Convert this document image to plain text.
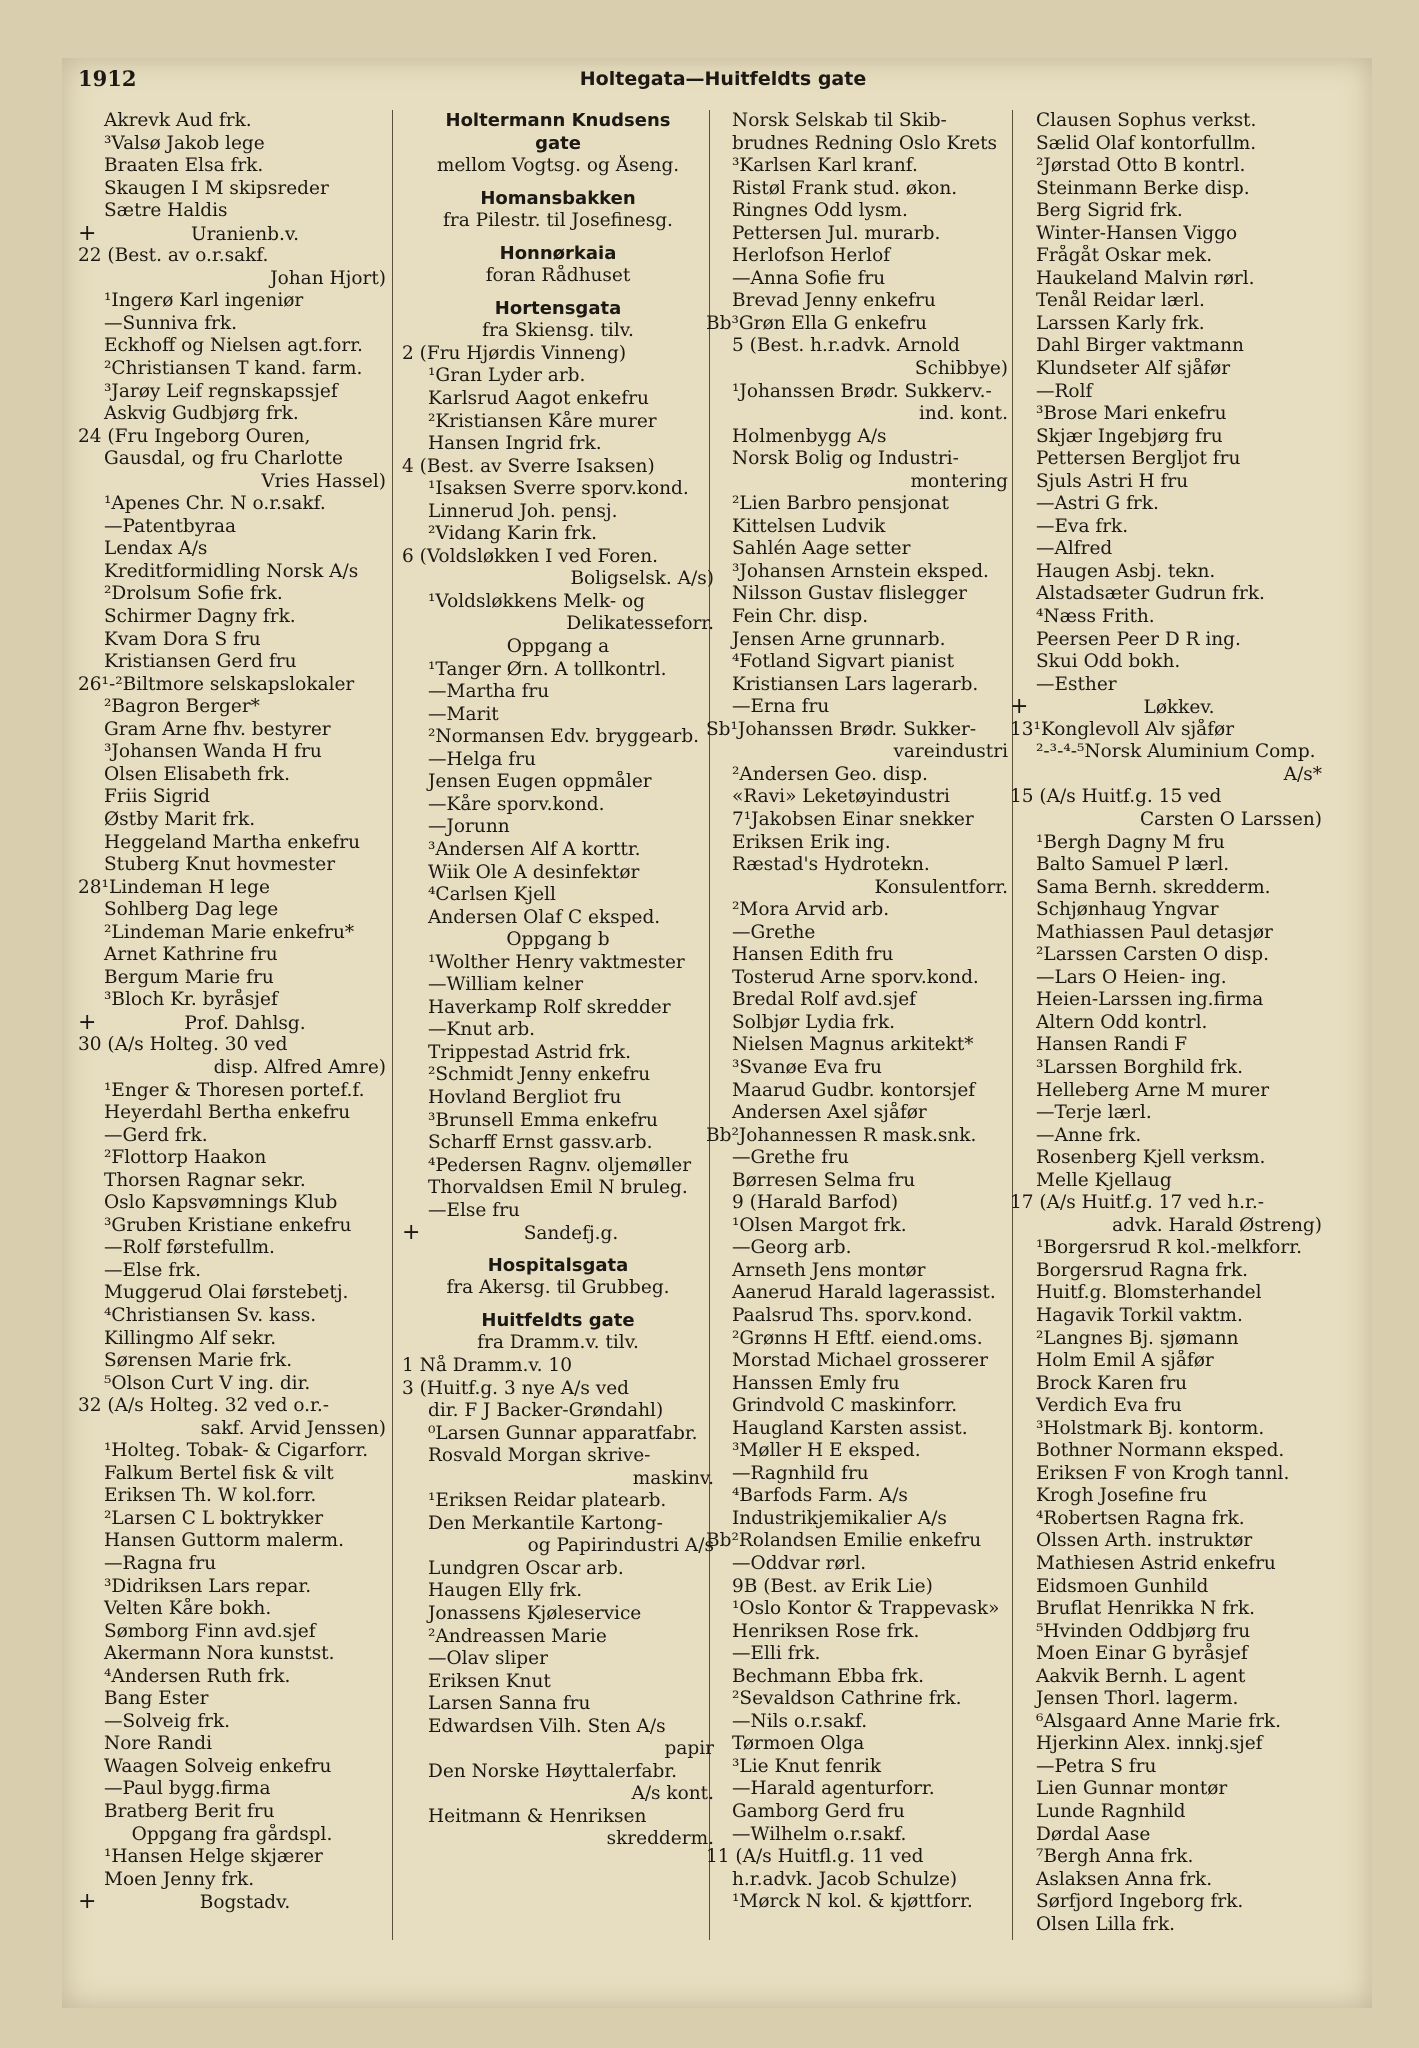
1912	Holtegata—Huitfeldts gate
Akrevk Aud frk.
³Valsø Jakob lege
Braaten Elsa frk.
Skaugen I M skipsreder
Sætre Haldis
+	Uranienb.v.
22 (Best. av o.r.sakf.
Johan Hjort)
¹Ingerø Karl ingeniør
—Sunniva frk.
Eckhoff og Nielsen agt.forr.
²Christiansen T kand. farm.
³Jarøy Leif regnskapssjef
Askvig Gudbjørg frk.
24 (Fru Ingeborg Ouren,
Gausdal, og fru Charlotte
Vries Hassel)
¹Apenes Chr. N o.r.sakf.
—Patentbyraa
Lendax A/s
Kreditformidling Norsk A/s
²Drolsum Sofie frk.
Schirmer Dagny frk.
Kvam Dora S fru
Kristiansen Gerd fru
26¹-²Biltmore selskapslokaler
²Bagron Berger*
Gram Arne fhv. bestyrer
³Johansen Wanda H fru
Olsen Elisabeth frk.
Friis Sigrid
Østby Marit frk.
Heggeland Martha enkefru
Stuberg Knut hovmester
28¹Lindeman H lege
Sohlberg Dag lege
²Lindeman Marie enkefru*
Arnet Kathrine fru
Bergum Marie fru
³Bloch Kr. byråsjef
+	Prof. Dahlsg.
30 (A/s Holteg. 30 ved
disp. Alfred Amre)
¹Enger & Thoresen portef.f.
Heyerdahl Bertha enkefru
—Gerd frk.
²Flottorp Haakon
Thorsen Ragnar sekr.
Oslo Kapsvømnings Klub
³Gruben Kristiane enkefru
—Rolf førstefullm.
—Else frk.
Muggerud Olai førstebetj.
⁴Christiansen Sv. kass.
Killingmo Alf sekr.
Sørensen Marie frk.
⁵Olson Curt V ing. dir.
32 (A/s Holteg. 32 ved o.r.-
sakf. Arvid Jenssen)
¹Holteg. Tobak- & Cigarforr.
Falkum Bertel fisk & vilt
Eriksen Th. W kol.forr.
²Larsen C L boktrykker
Hansen Guttorm malerm.
—Ragna fru
³Didriksen Lars repar.
Velten Kåre bokh.
Sømborg Finn avd.sjef
Akermann Nora kunstst.
⁴Andersen Ruth frk.
Bang Ester
—Solveig frk.
Nore Randi
Waagen Solveig enkefru
—Paul bygg.firma
Bratberg Berit fru
Oppgang fra gårdspl.
¹Hansen Helge skjærer
Moen Jenny frk.
+	Bogstadv.
Holtermann Knudsens
gate
mellom Vogtsg. og Åseng.
Homansbakken
fra Pilestr. til Josefinesg.
Honnørkaia
foran Rådhuset
Hortensgata
fra Skiensg. tilv.
2 (Fru Hjørdis Vinneng)
¹Gran Lyder arb.
Karlsrud Aagot enkefru
²Kristiansen Kåre murer
Hansen Ingrid frk.
4 (Best. av Sverre Isaksen)
¹Isaksen Sverre sporv.kond.
Linnerud Joh. pensj.
²Vidang Karin frk.
6 (Voldsløkken I ved Foren.
Boligselsk. A/s)
¹Voldsløkkens Melk- og
Delikatesseforr.
Oppgang a
¹Tanger Ørn. A tollkontrl.
—Martha fru
—Marit
²Normansen Edv. bryggearb.
—Helga fru
Jensen Eugen oppmåler
—Kåre sporv.kond.
—Jorunn
³Andersen Alf A korttr.
Wiik Ole A desinfektør
⁴Carlsen Kjell
Andersen Olaf C eksped.
Oppgang b
¹Wolther Henry vaktmester
—William kelner
Haverkamp Rolf skredder
—Knut arb.
Trippestad Astrid frk.
²Schmidt Jenny enkefru
Hovland Bergliot fru
³Brunsell Emma enkefru
Scharff Ernst gassv.arb.
⁴Pedersen Ragnv. oljemøller
Thorvaldsen Emil N bruleg.
—Else fru
+	Sandefj.g.
Hospitalsgata
fra Akersg. til Grubbeg.
Huitfeldts gate
fra Dramm.v. tilv.
1 Nå Dramm.v. 10
3 (Huitf.g. 3 nye A/s ved
dir. F J Backer-Grøndahl)
⁰Larsen Gunnar apparatfabr.
Rosvald Morgan skrive-
maskinv.
¹Eriksen Reidar platearb.
Den Merkantile Kartong-
og Papirindustri A/s
Lundgren Oscar arb.
Haugen Elly frk.
Jonassens Kjøleservice
²Andreassen Marie
—Olav sliper
Eriksen Knut
Larsen Sanna fru
Edwardsen Vilh. Sten A/s
papir
Den Norske Høyttalerfabr.
A/s kont.
Heitmann & Henriksen
skredderm.
Norsk Selskab til Skib-
brudnes Redning Oslo Krets
³Karlsen Karl kranf.
Ristøl Frank stud. økon.
Ringnes Odd lysm.
Pettersen Jul. murarb.
Herlofson Herlof
—Anna Sofie fru
Brevad Jenny enkefru
Bb³Grøn Ella G enkefru
5 (Best. h.r.advk. Arnold
Schibbye)
¹Johanssen Brødr. Sukkerv.-
ind. kont.
Holmenbygg A/s
Norsk Bolig og Industri-
montering
²Lien Barbro pensjonat
Kittelsen Ludvik
Sahlén Aage setter
³Johansen Arnstein eksped.
Nilsson Gustav flislegger
Fein Chr. disp.
Jensen Arne grunnarb.
⁴Fotland Sigvart pianist
Kristiansen Lars lagerarb.
—Erna fru
Sb¹Johanssen Brødr. Sukker-
vareindustri
²Andersen Geo. disp.
«Ravi» Leketøyindustri
7¹Jakobsen Einar snekker
Eriksen Erik ing.
Ræstad's Hydrotekn.
Konsulentforr.
²Mora Arvid arb.
—Grethe
Hansen Edith fru
Tosterud Arne sporv.kond.
Bredal Rolf avd.sjef
Solbjør Lydia frk.
Nielsen Magnus arkitekt*
³Svanøe Eva fru
Maarud Gudbr. kontorsjef
Andersen Axel sjåfør
Bb²Johannessen R mask.snk.
—Grethe fru
Børresen Selma fru
9 (Harald Barfod)
¹Olsen Margot frk.
—Georg arb.
Arnseth Jens montør
Aanerud Harald lagerassist.
Paalsrud Ths. sporv.kond.
²Grønns H Eftf. eiend.oms.
Morstad Michael grosserer
Hanssen Emly fru
Grindvold C maskinforr.
Haugland Karsten assist.
³Møller H E eksped.
—Ragnhild fru
⁴Barfods Farm. A/s
Industrikjemikalier A/s
Bb²Rolandsen Emilie enkefru
—Oddvar rørl.
9B (Best. av Erik Lie)
¹Oslo Kontor & Trappevask»
Henriksen Rose frk.
—Elli frk.
Bechmann Ebba frk.
²Sevaldson Cathrine frk.
—Nils o.r.sakf.
Tørmoen Olga
³Lie Knut fenrik
—Harald agenturforr.
Gamborg Gerd fru
—Wilhelm o.r.sakf.
11 (A/s Huitfl.g. 11 ved
h.r.advk. Jacob Schulze)
¹Mørck N kol. & kjøttforr.
Clausen Sophus verkst.
Sælid Olaf kontorfullm.
²Jørstad Otto B kontrl.
Steinmann Berke disp.
Berg Sigrid frk.
Winter-Hansen Viggo
Frågåt Oskar mek.
Haukeland Malvin rørl.
Tenål Reidar lærl.
Larssen Karly frk.
Dahl Birger vaktmann
Klundseter Alf sjåfør
—Rolf
³Brose Mari enkefru
Skjær Ingebjørg fru
Pettersen Bergljot fru
Sjuls Astri H fru
—Astri G frk.
—Eva frk.
—Alfred
Haugen Asbj. tekn.
Alstadsæter Gudrun frk.
⁴Næss Frith.
Peersen Peer D R ing.
Skui Odd bokh.
—Esther
+	Løkkev.
13¹Konglevoll Alv sjåfør
²-³-⁴-⁵Norsk Aluminium Comp.
A/s*
15 (A/s Huitf.g. 15 ved
Carsten O Larssen)
¹Bergh Dagny M fru
Balto Samuel P lærl.
Sama Bernh. skredderm.
Schjønhaug Yngvar
Mathiassen Paul detasjør
²Larssen Carsten O disp.
—Lars O Heien- ing.
Heien-Larssen ing.firma
Altern Odd kontrl.
Hansen Randi F
³Larssen Borghild frk.
Helleberg Arne M murer
—Terje lærl.
—Anne frk.
Rosenberg Kjell verksm.
Melle Kjellaug
17 (A/s Huitf.g. 17 ved h.r.-
advk. Harald Østreng)
¹Borgersrud R kol.-melkforr.
Borgersrud Ragna frk.
Huitf.g. Blomsterhandel
Hagavik Torkil vaktm.
²Langnes Bj. sjømann
Holm Emil A sjåfør
Brock Karen fru
Verdich Eva fru
³Holstmark Bj. kontorm.
Bothner Normann eksped.
Eriksen F von Krogh tannl.
Krogh Josefine fru
⁴Robertsen Ragna frk.
Olssen Arth. instruktør
Mathiesen Astrid enkefru
Eidsmoen Gunhild
Bruflat Henrikka N frk.
⁵Hvinden Oddbjørg fru
Moen Einar G byråsjef
Aakvik Bernh. L agent
Jensen Thorl. lagerm.
⁶Alsgaard Anne Marie frk.
Hjerkinn Alex. innkj.sjef
—Petra S fru
Lien Gunnar montør
Lunde Ragnhild
Dørdal Aase
⁷Bergh Anna frk.
Aslaksen Anna frk.
Sørfjord Ingeborg frk.
Olsen Lilla frk.
